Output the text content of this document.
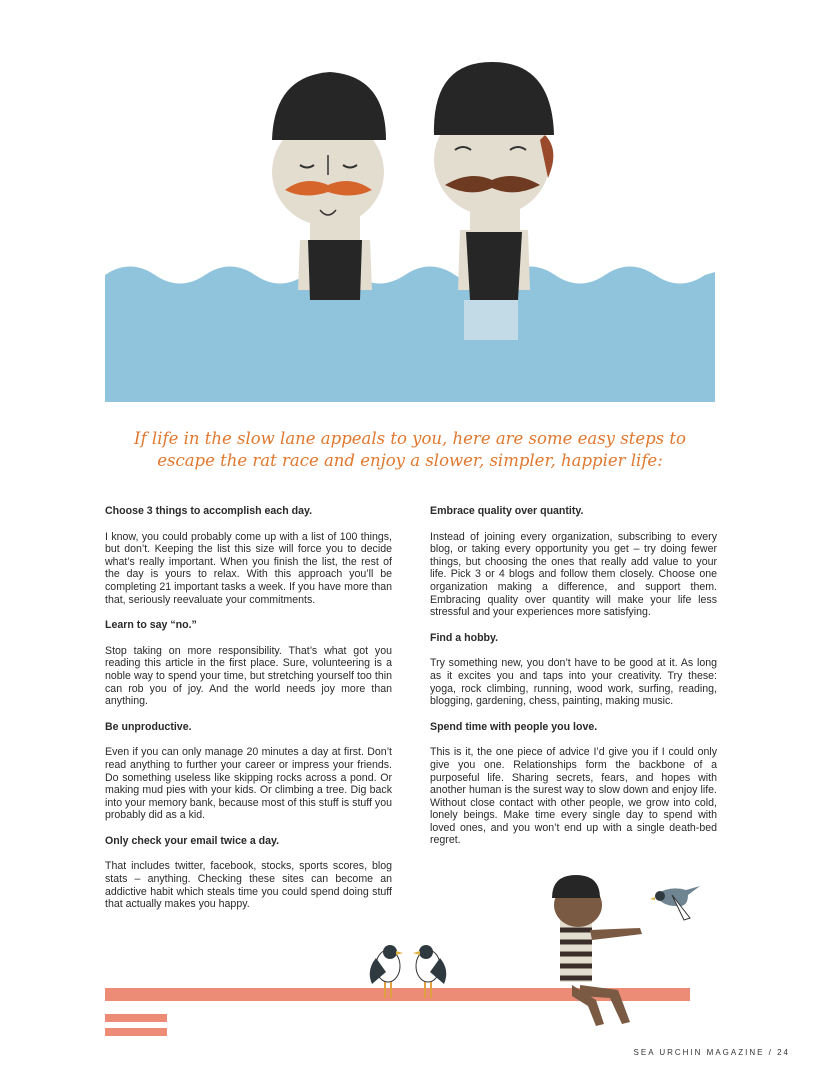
If life in the slow lane appeals to you, here are some easy steps to escape the rat race and enjoy a slower, simpler, happier life:
Choose 3 things to accomplish each day.

I know, you could probably come up with a list of 100 things, but don’t. Keeping the list this size will force you to decide what’s really important. When you finish the list, the rest of the day is yours to relax. With this approach you’ll be completing 21 important tasks a week. If you have more than that, seriously reevaluate your commitments.

Learn to say “no.”

Stop taking on more responsibility. That’s what got you reading this article in the first place. Sure, volunteering is a noble way to spend your time, but stretching yourself too thin can rob you of joy. And the world needs joy more than anything.

Be unproductive.

Even if you can only manage 20 minutes a day at first. Don’t read anything to further your career or impress your friends. Do something useless like skipping rocks across a pond. Or making mud pies with your kids. Or climbing a tree. Dig back into your memory bank, because most of this stuff is stuff you probably did as a kid.

Only check your email twice a day.

That includes twitter, facebook, stocks, sports scores, blog stats – anything. Checking these sites can become an addictive habit which steals time you could spend doing stuff that actually makes you happy.

Embrace quality over quantity.

Instead of joining every organization, subscribing to every blog, or taking every opportunity you get – try doing fewer things, but choosing the ones that really add value to your life. Pick 3 or 4 blogs and follow them closely. Choose one organization making a difference, and support them. Embracing quality over quantity will make your life less stressful and your experiences more satisfying.

Find a hobby.

Try something new, you don’t have to be good at it. As long as it excites you and taps into your creativity. Try these: yoga, rock climbing, running, wood work, surfing, reading, blogging, gardening, chess, painting, making music.

Spend time with people you love.

This is it, the one piece of advice I’d give you if I could only give you one. Relationships form the backbone of a purposeful life. Sharing secrets, fears, and hopes with another human is the surest way to slow down and enjoy life. Without close contact with other people, we grow into cold, lonely beings. Make time every single day to spend with loved ones, and you won’t end up with a single death-bed regret.

SEA URCHIN MAGAZINE / 24
